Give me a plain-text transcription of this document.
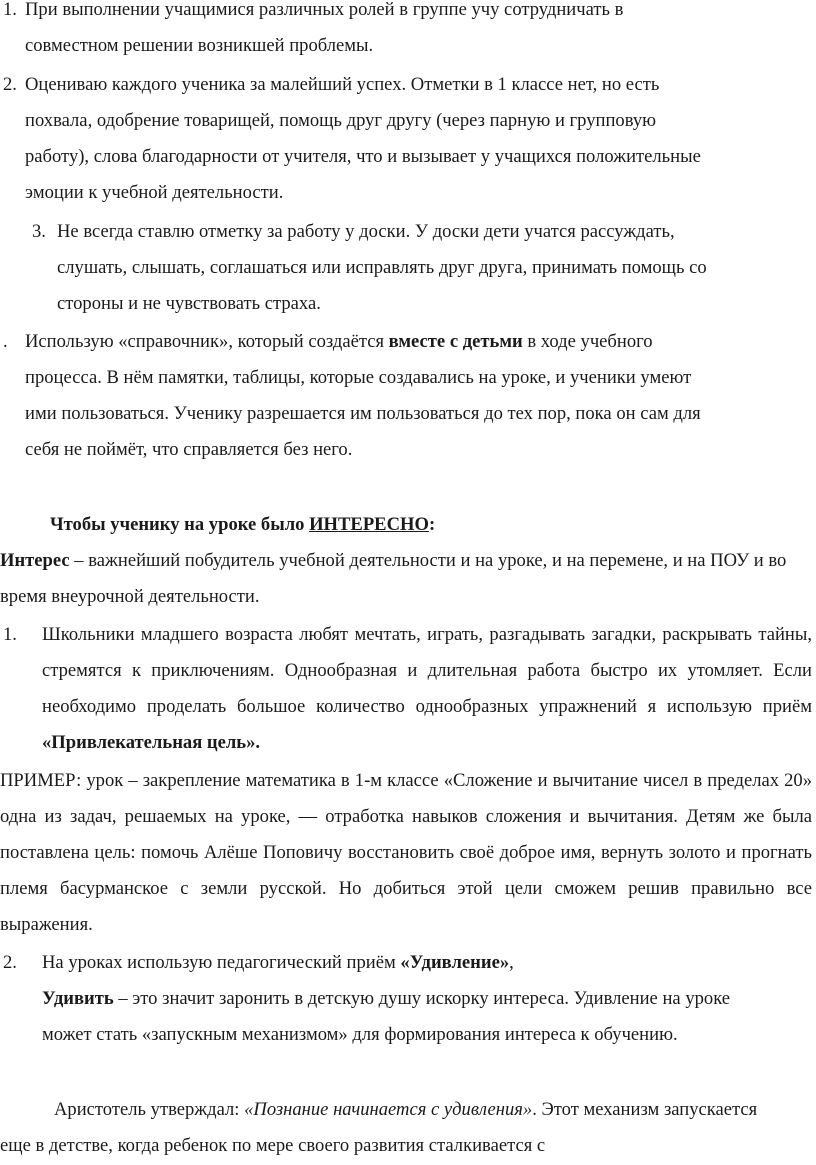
1. При выполнении учащимися различных ролей в группе учу сотрудничать в
совместном решении возникшей проблемы.
2. Оцениваю каждого ученика за малейший успех. Отметки в 1 классе нет, но есть
похвала, одобрение товарищей, помощь друг другу (через парную и групповую
работу), слова благодарности от учителя, что и вызывает у учащихся положительные
эмоции к учебной деятельности.
3. Не всегда ставлю отметку за работу у доски. У доски дети учатся рассуждать,
слушать, слышать, соглашаться или исправлять друг друга, принимать помощь со
стороны и не чувствовать страха.
. Использую «справочник», который создаётся вместе с детьми в ходе учебного
процесса. В нём памятки, таблицы, которые создавались на уроке, и ученики умеют
ими пользоваться. Ученику разрешается им пользоваться до тех пор, пока он сам для
себя не поймёт, что справляется без него.
Чтобы ученику на уроке было ИНТЕРЕСНО:
Интерес – важнейший побудитель учебной деятельности и на уроке, и на перемене, и на ПОУ и во время внеурочной деятельности.
1. Школьники младшего возраста любят мечтать, играть, разгадывать загадки, раскрывать тайны, стремятся к приключениям. Однообразная и длительная работа быстро их утомляет. Если необходимо проделать большое количество однообразных упражнений я использую приём «Привлекательная цель».
ПРИМЕР: урок – закрепление математика в 1-м классе «Сложение и вычитание чисел в пределах 20» одна из задач, решаемых на уроке, — отработка навыков сложения и вычитания. Детям же была поставлена цель: помочь Алёше Поповичу восстановить своё доброе имя, вернуть золото и прогнать племя басурманское с земли русской. Но добиться этой цели сможем решив правильно все выражения.
2. На уроках использую педагогический приём «Удивление»,
Удивить – это значит заронить в детскую душу искорку интереса. Удивление на уроке может стать «запускным механизмом» для формирования интереса к обучению.
Аристотель утверждал: «Познание начинается с удивления». Этот механизм запускается еще в детстве, когда ребенок по мере своего развития сталкивается с
